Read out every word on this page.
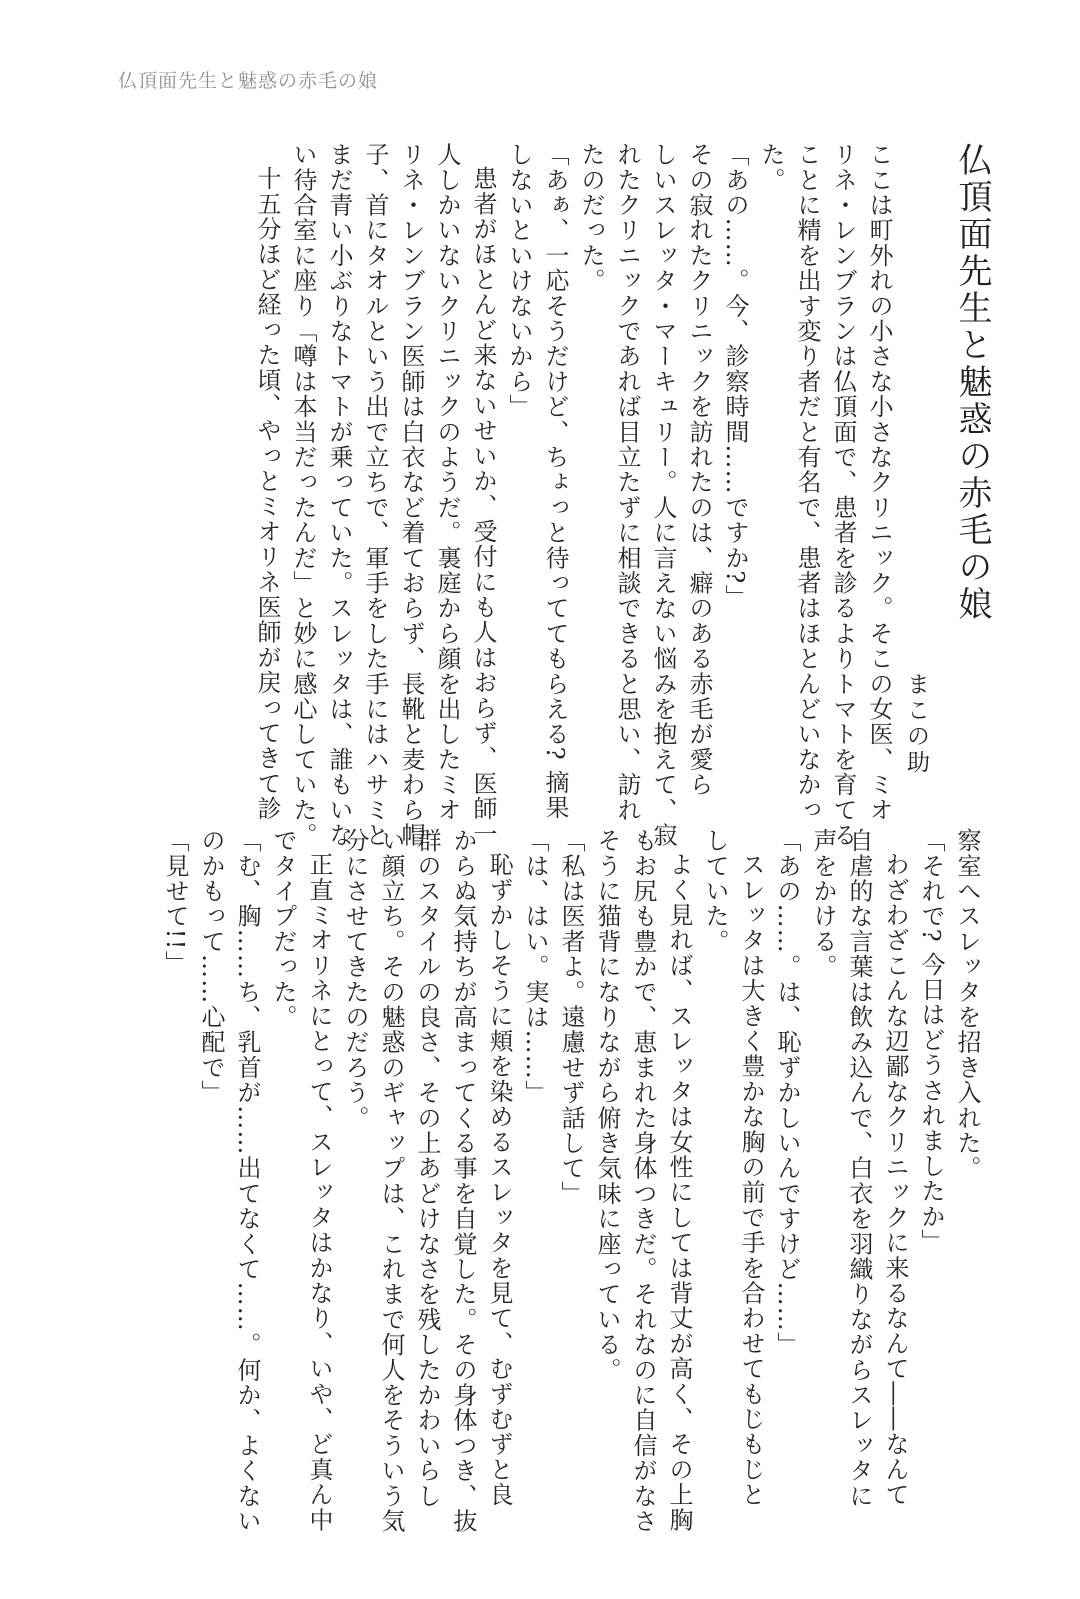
仏頂面先生と魅惑の赤毛の娘
仏頂面先生と魅惑の赤毛の娘
まこの助
ここは町外れの小さな小さなクリニック。そこの女医、ミオ
リネ・レンブランは仏頂面で、患者を診るよりトマトを育てる
ことに精を出す変り者だと有名で、患者はほとんどいなかっ
た。
「あの……。今、診察時間……ですか?」
その寂れたクリニックを訪れたのは、癖のある赤毛が愛ら
しいスレッタ・マーキュリー。人に言えない悩みを抱えて、寂
れたクリニックであれば目立たずに相談できると思い、訪れ
たのだった。
「あぁ、一応そうだけど、ちょっと待っててもらえる? 摘果
しないといけないから」
患者がほとんど来ないせいか、受付にも人はおらず、医師一
人しかいないクリニックのようだ。裏庭から顔を出したミオ
リネ・レンブラン医師は白衣など着ておらず、長靴と麦わら帽
子、首にタオルという出で立ちで、軍手をした手にはハサミと
まだ青い小ぶりなトマトが乗っていた。スレッタは、誰もいな
い待合室に座り「噂は本当だったんだ」と妙に感心していた。
十五分ほど経った頃、やっとミオリネ医師が戻ってきて診
察室へスレッタを招き入れた。
「それで? 今日はどうされましたか」
わざわざこんな辺鄙なクリニックに来るなんて――なんて
自虐的な言葉は飲み込んで、白衣を羽織りながらスレッタに
声をかける。
「あの……。は、恥ずかしいんですけど……」
スレッタは大きく豊かな胸の前で手を合わせてもじもじと
していた。
よく見れば、スレッタは女性にしては背丈が高く、その上胸
もお尻も豊かで、恵まれた身体つきだ。それなのに自信がなさ
そうに猫背になりながら俯き気味に座っている。
「私は医者よ。遠慮せず話して」
「は、はい。実は……」
恥ずかしそうに頬を染めるスレッタを見て、むずむずと良
からぬ気持ちが高まってくる事を自覚した。その身体つき、抜
群のスタイルの良さ、その上あどけなさを残したかわいらし
い顔立ち。その魅惑のギャップは、これまで何人をそういう気
分にさせてきたのだろう。
正直ミオリネにとって、スレッタはかなり、いや、ど真ん中
でタイプだった。
「む、胸……ち、乳首が……出てなくて……。何か、よくない
のかもって……心配で」
「見せて!!」
